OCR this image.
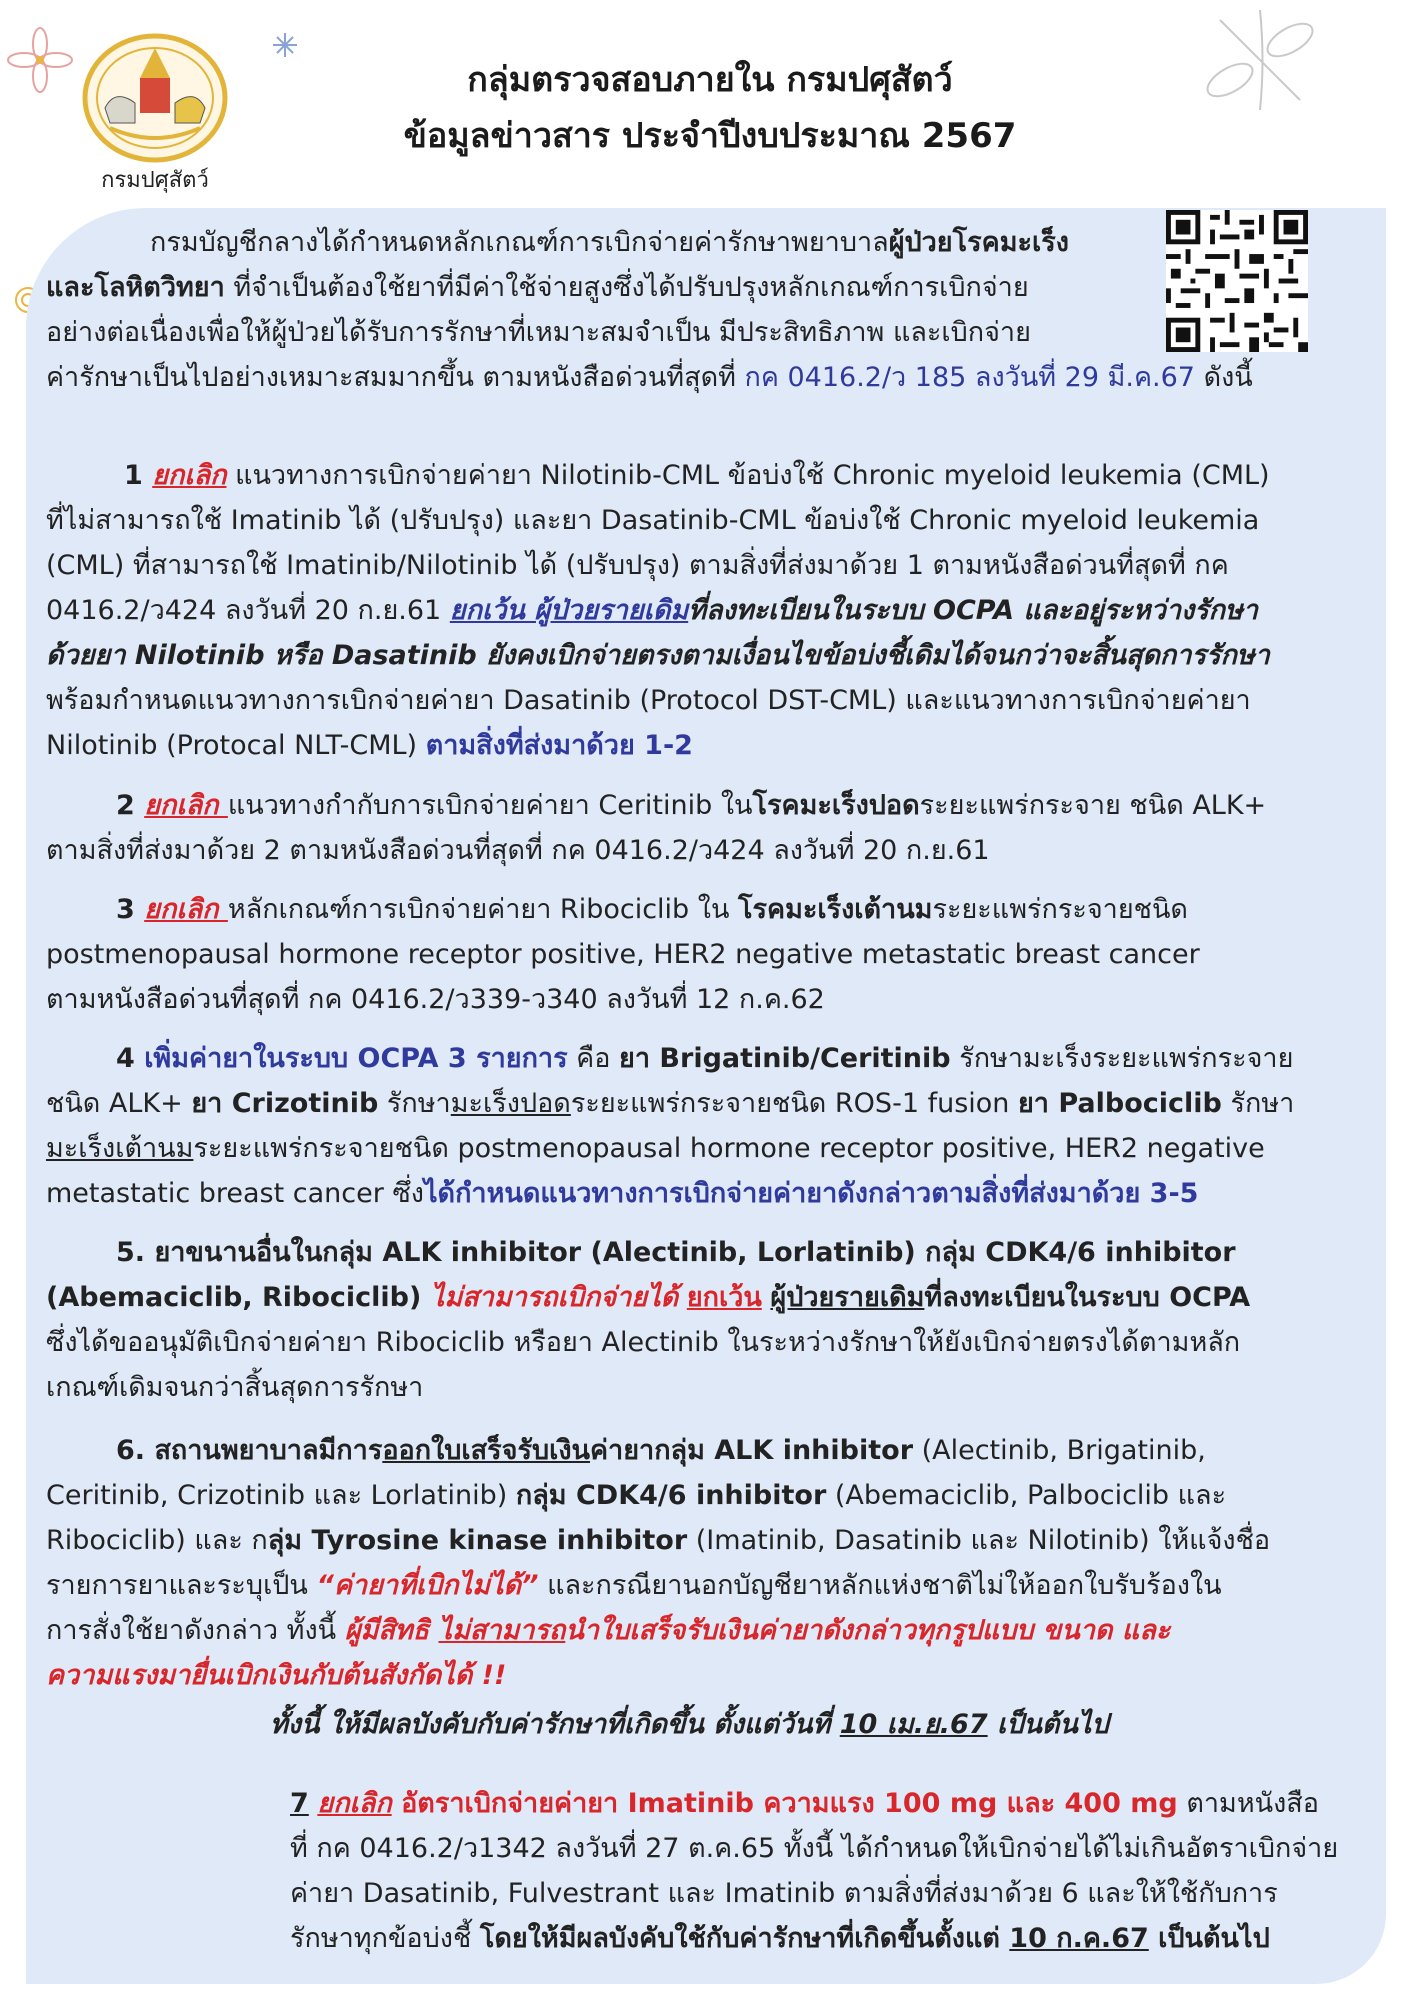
กรมปศุสัตว์
กลุ่มตรวจสอบภายใน กรมปศุสัตว์
ข้อมูลข่าวสาร ประจำปีงบประมาณ 2567
กรมบัญชีกลางได้กำหนดหลักเกณฑ์การเบิกจ่ายค่ารักษาพยาบาลผู้ป่วยโรคมะเร็ง
และโลหิตวิทยา ที่จำเป็นต้องใช้ยาที่มีค่าใช้จ่ายสูงซึ่งได้ปรับปรุงหลักเกณฑ์การเบิกจ่าย
อย่างต่อเนื่องเพื่อให้ผู้ป่วยได้รับการรักษาที่เหมาะสมจำเป็น มีประสิทธิภาพ และเบิกจ่าย
ค่ารักษาเป็นไปอย่างเหมาะสมมากขึ้น ตามหนังสือด่วนที่สุดที่ กค 0416.2/ว 185 ลงวันที่ 29 มี.ค.67 ดังนี้
1 ยกเลิก แนวทางการเบิกจ่ายค่ายา Nilotinib-CML ข้อบ่งใช้ Chronic myeloid leukemia (CML)
ที่ไม่สามารถใช้ Imatinib ได้ (ปรับปรุง) และยา Dasatinib-CML ข้อบ่งใช้ Chronic myeloid leukemia
(CML) ที่สามารถใช้ Imatinib/Nilotinib ได้ (ปรับปรุง) ตามสิ่งที่ส่งมาด้วย 1 ตามหนังสือด่วนที่สุดที่ กค
0416.2/ว424 ลงวันที่ 20 ก.ย.61 ยกเว้น ผู้ป่วยรายเดิมที่ลงทะเบียนในระบบ OCPA และอยู่ระหว่างรักษา
ด้วยยา Nilotinib หรือ Dasatinib ยังคงเบิกจ่ายตรงตามเงื่อนไขข้อบ่งชี้เดิมได้จนกว่าจะสิ้นสุดการรักษา
พร้อมกำหนดแนวทางการเบิกจ่ายค่ายา Dasatinib (Protocol DST-CML) และแนวทางการเบิกจ่ายค่ายา
Nilotinib (Protocal NLT-CML) ตามสิ่งที่ส่งมาด้วย 1-2
2 ยกเลิก แนวทางกำกับการเบิกจ่ายค่ายา Ceritinib ในโรคมะเร็งปอดระยะแพร่กระจาย ชนิด ALK+
ตามสิ่งที่ส่งมาด้วย 2 ตามหนังสือด่วนที่สุดที่ กค 0416.2/ว424 ลงวันที่ 20 ก.ย.61
3 ยกเลิก หลักเกณฑ์การเบิกจ่ายค่ายา Ribociclib ใน โรคมะเร็งเต้านมระยะแพร่กระจายชนิด
postmenopausal hormone receptor positive, HER2 negative metastatic breast cancer
ตามหนังสือด่วนที่สุดที่ กค 0416.2/ว339-ว340 ลงวันที่ 12 ก.ค.62
4 เพิ่มค่ายาในระบบ OCPA 3 รายการ คือ ยา Brigatinib/Ceritinib รักษามะเร็งระยะแพร่กระจาย
ชนิด ALK+ ยา Crizotinib รักษามะเร็งปอดระยะแพร่กระจายชนิด ROS-1 fusion ยา Palbociclib รักษา
มะเร็งเต้านมระยะแพร่กระจายชนิด postmenopausal hormone receptor positive, HER2 negative
metastatic breast cancer ซึ่งได้กำหนดแนวทางการเบิกจ่ายค่ายาดังกล่าวตามสิ่งที่ส่งมาด้วย 3-5
5. ยาขนานอื่นในกลุ่ม ALK inhibitor (Alectinib, Lorlatinib) กลุ่ม CDK4/6 inhibitor
(Abemaciclib, Ribociclib) ไม่สามารถเบิกจ่ายได้ ยกเว้น ผู้ป่วยรายเดิมที่ลงทะเบียนในระบบ OCPA
ซึ่งได้ขออนุมัติเบิกจ่ายค่ายา Ribociclib หรือยา Alectinib ในระหว่างรักษาให้ยังเบิกจ่ายตรงได้ตามหลัก
เกณฑ์เดิมจนกว่าสิ้นสุดการรักษา
6. สถานพยาบาลมีการออกใบเสร็จรับเงินค่ายากลุ่ม ALK inhibitor (Alectinib, Brigatinib,
Ceritinib, Crizotinib และ Lorlatinib) กลุ่ม CDK4/6 inhibitor (Abemaciclib, Palbociclib และ
Ribociclib) และ กลุ่ม Tyrosine kinase inhibitor (Imatinib, Dasatinib และ Nilotinib) ให้แจ้งชื่อ
รายการยาและระบุเป็น “ค่ายาที่เบิกไม่ได้” และกรณียานอกบัญชียาหลักแห่งชาติไม่ให้ออกใบรับร้องใน
การสั่งใช้ยาดังกล่าว ทั้งนี้ ผู้มีสิทธิ ไม่สามารถนำใบเสร็จรับเงินค่ายาดังกล่าวทุกรูปแบบ ขนาด และ
ความแรงมายื่นเบิกเงินกับต้นสังกัดได้ !!
ทั้งนี้ ให้มีผลบังคับกับค่ารักษาที่เกิดขึ้น ตั้งแต่วันที่ 10 เม.ย.67 เป็นต้นไป
7 ยกเลิก อัตราเบิกจ่ายค่ายา Imatinib ความแรง 100 mg และ 400 mg ตามหนังสือ
ที่ กค 0416.2/ว1342 ลงวันที่ 27 ต.ค.65 ทั้งนี้ ได้กำหนดให้เบิกจ่ายได้ไม่เกินอัตราเบิกจ่าย
ค่ายา Dasatinib, Fulvestrant และ Imatinib ตามสิ่งที่ส่งมาด้วย 6 และให้ใช้กับการ
รักษาทุกข้อบ่งชี้ โดยให้มีผลบังคับใช้กับค่ารักษาที่เกิดขึ้นตั้งแต่ 10 ก.ค.67 เป็นต้นไป
